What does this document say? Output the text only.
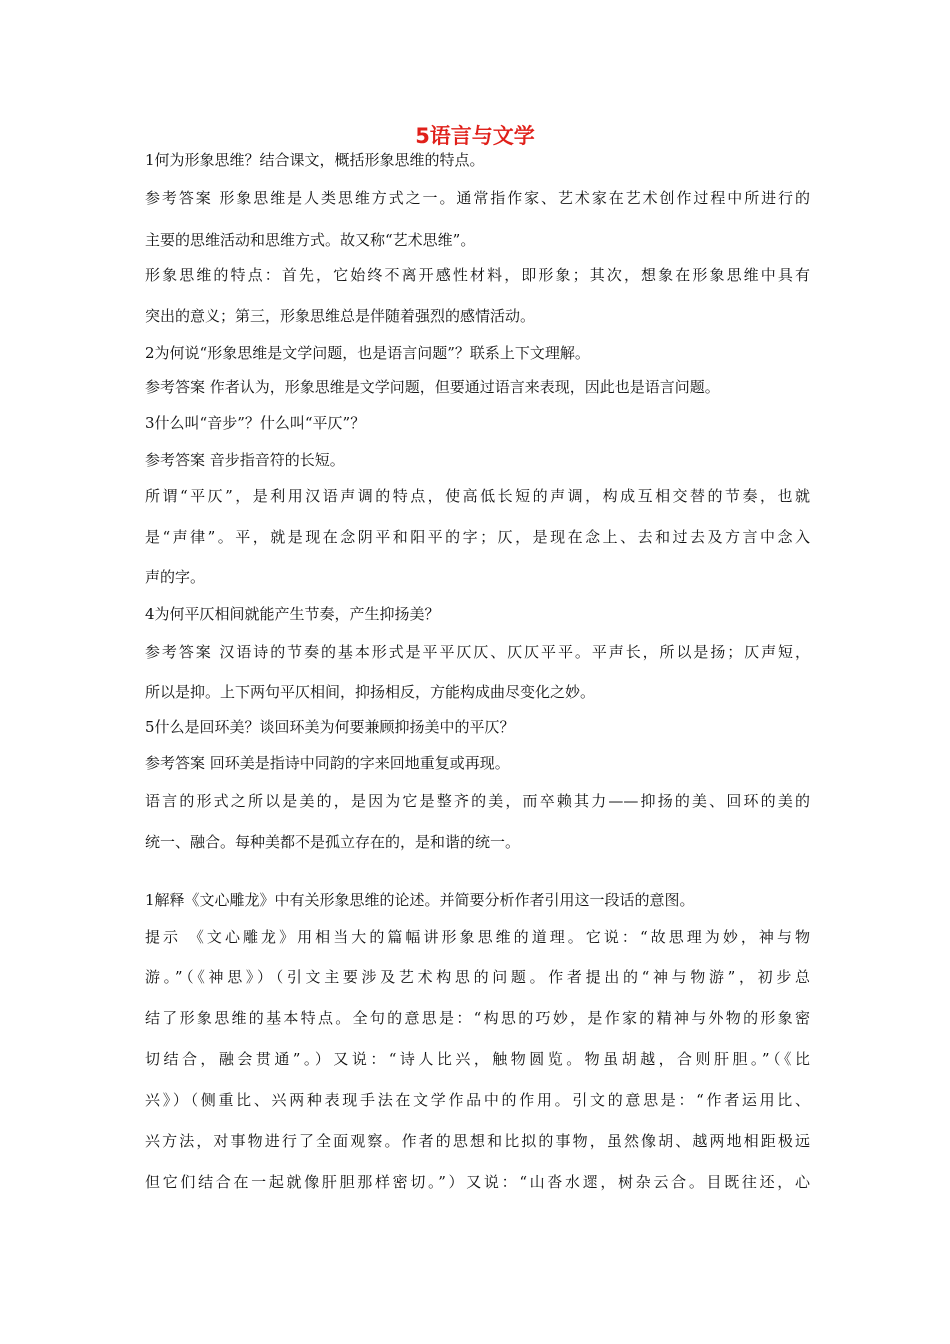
5语言与文学

1何为形象思维？结合课文，概括形象思维的特点。

参考答案 形象思维是人类思维方式之一。通常指作家、艺术家在艺术创作过程中所进行的

主要的思维活动和思维方式。故又称“艺术思维”。

形象思维的特点：首先，它始终不离开感性材料，即形象；其次，想象在形象思维中具有

突出的意义；第三，形象思维总是伴随着强烈的感情活动。

2为何说“形象思维是文学问题，也是语言问题”？联系上下文理解。

参考答案 作者认为，形象思维是文学问题，但要通过语言来表现，因此也是语言问题。

3什么叫“音步”？什么叫“平仄”？

参考答案 音步指音符的长短。

所谓“平仄”，是利用汉语声调的特点，使高低长短的声调，构成互相交替的节奏，也就

是“声律”。平，就是现在念阴平和阳平的字；仄，是现在念上、去和过去及方言中念入

声的字。

4为何平仄相间就能产生节奏，产生抑扬美？

参考答案 汉语诗的节奏的基本形式是平平仄仄、仄仄平平。平声长，所以是扬；仄声短，

所以是抑。上下两句平仄相间，抑扬相反，方能构成曲尽变化之妙。

5什么是回环美？谈回环美为何要兼顾抑扬美中的平仄？

参考答案 回环美是指诗中同韵的字来回地重复或再现。

语言的形式之所以是美的，是因为它是整齐的美，而卒赖其力——抑扬的美、回环的美的

统一、融合。每种美都不是孤立存在的，是和谐的统一。

1解释《文心雕龙》中有关形象思维的论述。并简要分析作者引用这一段话的意图。

提示 《文心雕龙》用相当大的篇幅讲形象思维的道理。它说：“故思理为妙，神与物

游。”（《神思》）（引文主要涉及艺术构思的问题。作者提出的“神与物游”，初步总

结了形象思维的基本特点。全句的意思是：“构思的巧妙，是作家的精神与外物的形象密

切结合，融会贯通”。）又说：“诗人比兴，触物圆览。物虽胡越，合则肝胆。”（《比

兴》）（侧重比、兴两种表现手法在文学作品中的作用。引文的意思是：“作者运用比、

兴方法，对事物进行了全面观察。作者的思想和比拟的事物，虽然像胡、越两地相距极远

但它们结合在一起就像肝胆那样密切。”）又说：“山沓水遝，树杂云合。目既往还，心
